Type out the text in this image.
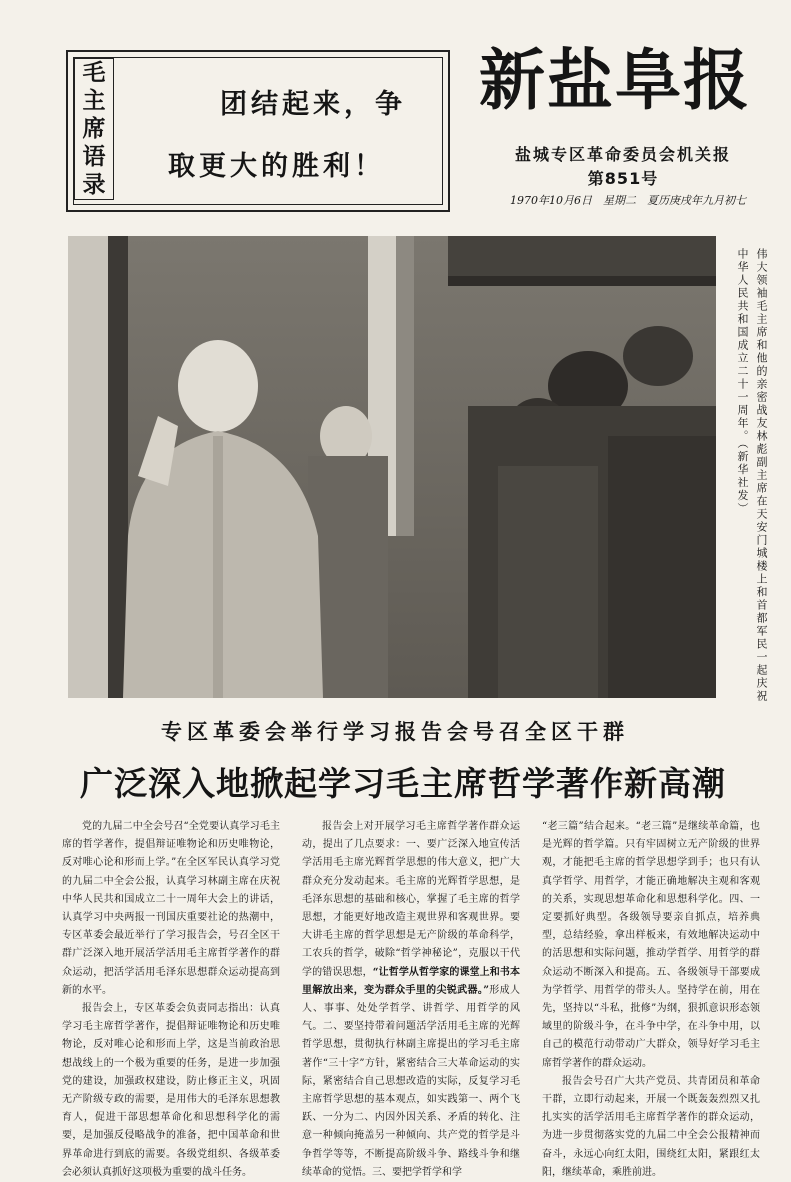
毛
主
席
语
录
团结起来，争
取更大的胜利！
新盐阜报
盐城专区革命委员会机关报
第851号
1970年10月6日　星期二　夏历庚戌年九月初七
伟大领袖毛主席和他的亲密战友林彪副主席在天安门城楼上和首都军民一起庆祝中华人民共和国成立二十一周年。（新华社发）
专区革委会举行学习报告会号召全区干群
广泛深入地掀起学习毛主席哲学著作新高潮

党的九届二中全会号召“全党要认真学习毛主席的哲学著作，提倡辩证唯物论和历史唯物论，反对唯心论和形而上学。”在全区军民认真学习党的九届二中全会公报，认真学习林副主席在庆祝中华人民共和国成立二十一周年大会上的讲话，认真学习中央两报一刊国庆重要社论的热潮中，专区革委会最近举行了学习报告会，号召全区干群广泛深入地开展活学活用毛主席哲学著作的群众运动，把活学活用毛泽东思想群众运动提高到新的水平。

报告会上，专区革委会负责同志指出：认真学习毛主席哲学著作，提倡辩证唯物论和历史唯物论，反对唯心论和形而上学，这是当前政治思想战线上的一个极为重要的任务，是进一步加强党的建设，加强政权建设，防止修正主义，巩固无产阶级专政的需要，是用伟大的毛泽东思想教育人，促进干部思想革命化和思想科学化的需要，是加强反侵略战争的准备，把中国革命和世界革命进行到底的需要。各级党组织、各级革委会必须认真抓好这项极为重要的战斗任务。

报告会上对开展学习毛主席哲学著作群众运动，提出了几点要求：一、要广泛深入地宣传活学活用毛主席光辉哲学思想的伟大意义，把广大群众充分发动起来。毛主席的光辉哲学思想，是毛泽东思想的基础和核心，掌握了毛主席的哲学思想，才能更好地改造主观世界和客观世界。要大讲毛主席的哲学思想是无产阶级的革命科学，工农兵的哲学，破除“哲学神秘论”，克服以干代学的错误思想，“让哲学从哲学家的课堂上和书本里解放出来，变为群众手里的尖锐武器。”形成人人、事事、处处学哲学、讲哲学、用哲学的风气。二、要坚持带着问题活学活用毛主席的光辉哲学思想，贯彻执行林副主席提出的学习毛主席著作“三十字”方针，紧密结合三大革命运动的实际，紧密结合自己思想改造的实际，反复学习毛主席哲学思想的基本观点，如实践第一、两个飞跃、一分为二、内因外因关系、矛盾的转化、注意一种倾向掩盖另一种倾向、共产党的哲学是斗争哲学等等，不断提高阶级斗争、路线斗争和继续革命的觉悟。三、要把学哲学和学

“老三篇”结合起来。“老三篇”是继续革命篇，也是光辉的哲学篇。只有牢固树立无产阶级的世界观，才能把毛主席的哲学思想学到手；也只有认真学哲学、用哲学，才能正确地解决主观和客观的关系，实现思想革命化和思想科学化。四、一定要抓好典型。各级领导要亲自抓点，培养典型，总结经验，拿出样板来，有效地解决运动中的活思想和实际问题，推动学哲学、用哲学的群众运动不断深入和提高。五、各级领导干部要成为学哲学、用哲学的带头人。坚持学在前，用在先，坚持以“斗私，批修”为纲，狠抓意识形态领域里的阶级斗争，在斗争中学，在斗争中用，以自己的模范行动带动广大群众，领导好学习毛主席哲学著作的群众运动。

报告会号召广大共产党员、共青团员和革命干群，立即行动起来，开展一个既轰轰烈烈又扎扎实实的活学活用毛主席哲学著作的群众运动，为进一步贯彻落实党的九届二中全会公报精神而奋斗，永远心向红太阳，围绕红太阳，紧跟红太阳，继续革命，乘胜前进。
